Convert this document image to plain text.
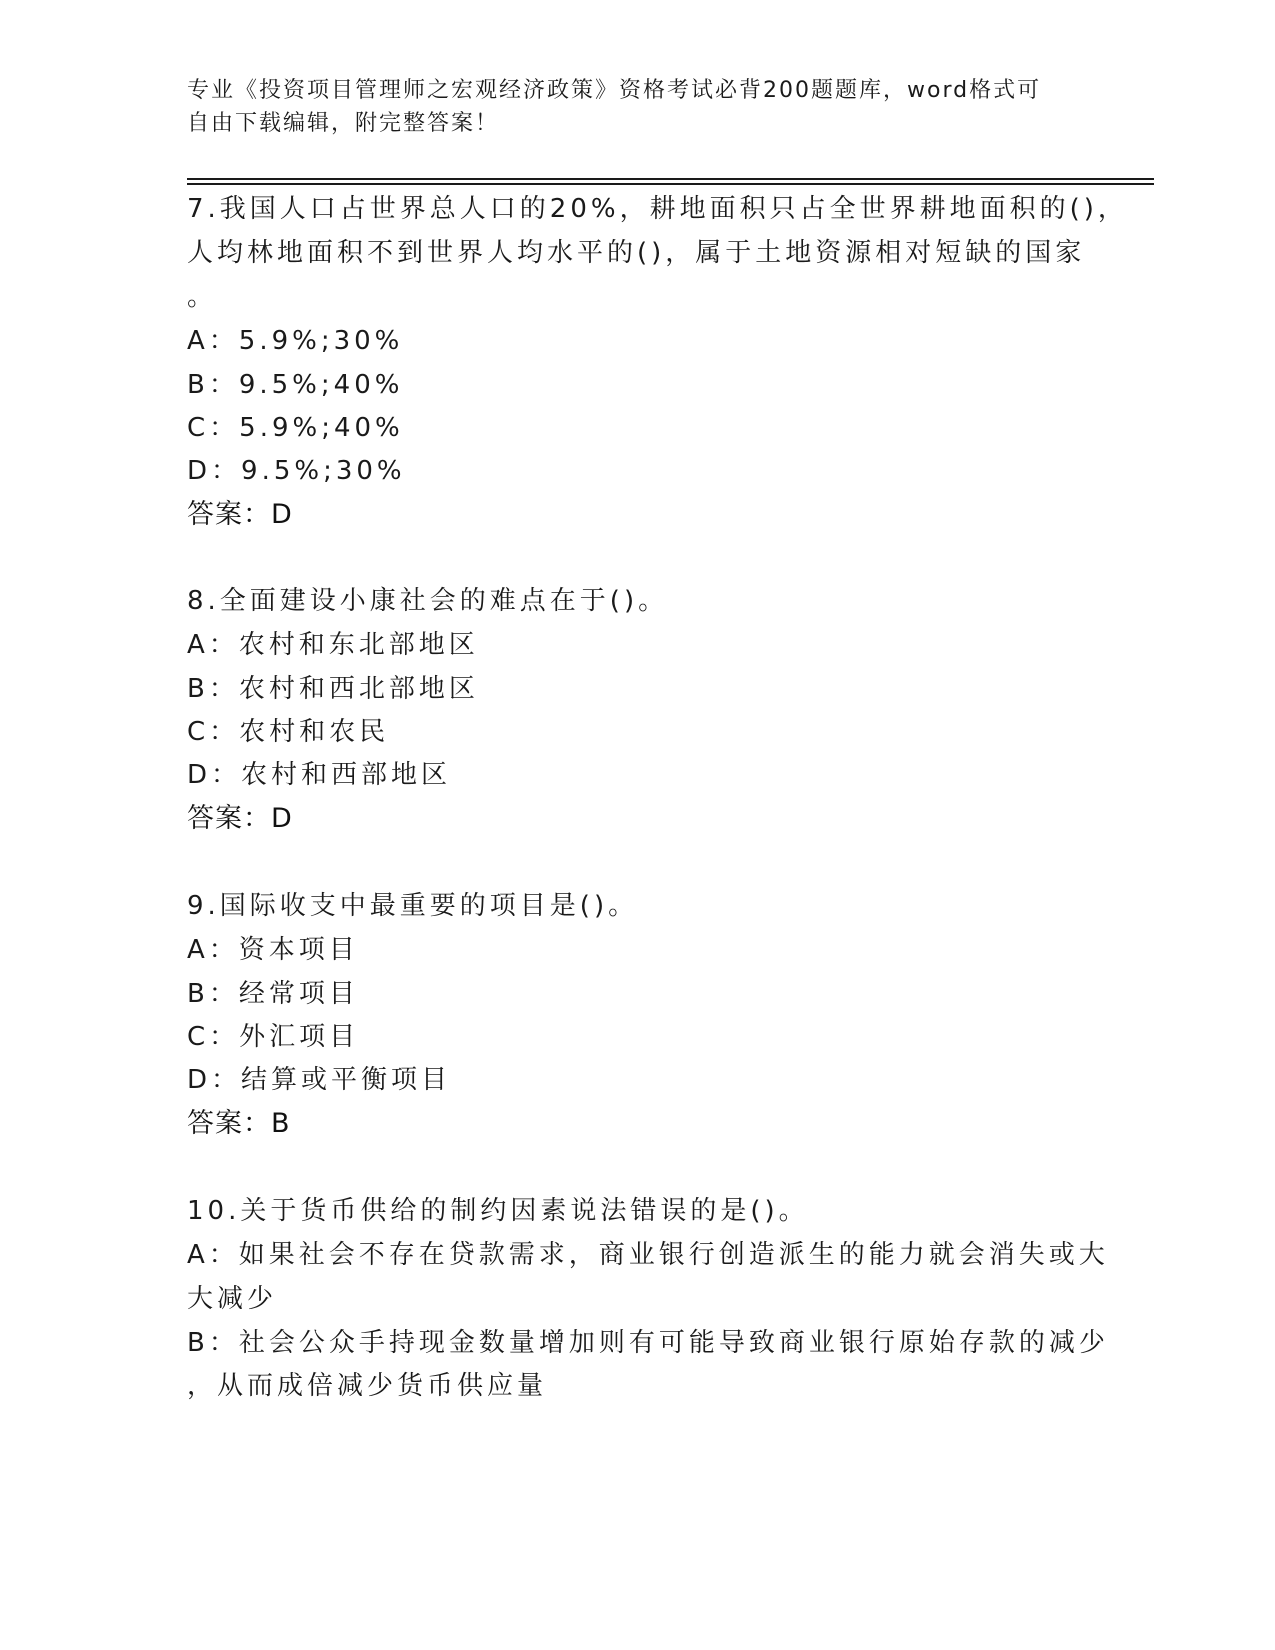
专业《投资项目管理师之宏观经济政策》资格考试必背200题题库，word格式可
自由下载编辑，附完整答案！
7.我国人口占世界总人口的20%，耕地面积只占全世界耕地面积的()，
人均林地面积不到世界人均水平的()，属于土地资源相对短缺的国家
。
A：5.9%;30%
B：9.5%;40%
C：5.9%;40%
D：9.5%;30%
答案：D
8.全面建设小康社会的难点在于()。
A：农村和东北部地区
B：农村和西北部地区
C：农村和农民
D：农村和西部地区
答案：D
9.国际收支中最重要的项目是()。
A：资本项目
B：经常项目
C：外汇项目
D：结算或平衡项目
答案：B
10.关于货币供给的制约因素说法错误的是()。
A：如果社会不存在贷款需求，商业银行创造派生的能力就会消失或大
大减少
B：社会公众手持现金数量增加则有可能导致商业银行原始存款的减少
，从而成倍减少货币供应量
